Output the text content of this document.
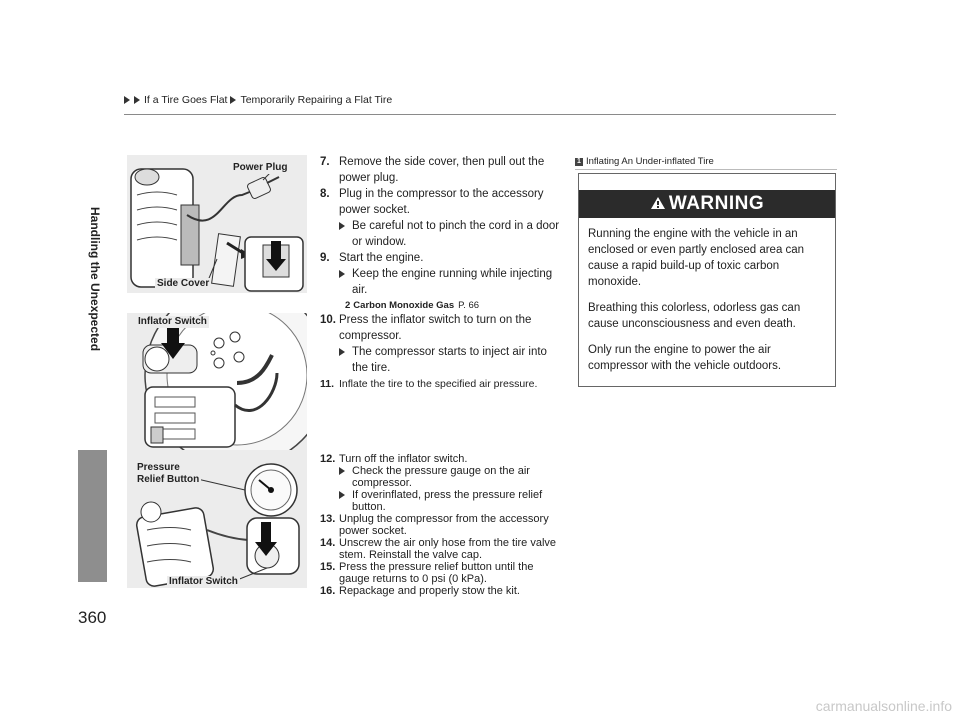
If a Tire Goes Flat Temporarily Repairing a Flat Tire
Handling the Unexpected
360
Power Plug
Side Cover
Inflator Switch
Pressure
Relief Button
Inflator Switch
7. Remove the side cover, then pull out the power plug.
8. Plug in the compressor to the accessory power socket.
Be careful not to pinch the cord in a door or window.
9. Start the engine.
Keep the engine running while injecting air.
2 Carbon Monoxide Gas P. 66
10. Press the inflator switch to turn on the compressor.
The compressor starts to inject air into the tire.
11. Inflate the tire to the specified air pressure.
12. Turn off the inflator switch.
Check the pressure gauge on the air compressor.
If overinflated, press the pressure relief button.
13. Unplug the compressor from the accessory power socket.
14. Unscrew the air only hose from the tire valve stem. Reinstall the valve cap.
15. Press the pressure relief button until the gauge returns to 0 psi (0 kPa).
16. Repackage and properly stow the kit.
1 Inflating An Under-inflated Tire
WARNING

Running the engine with the vehicle in an enclosed or even partly enclosed area can cause a rapid build-up of toxic carbon monoxide.

Breathing this colorless, odorless gas can cause unconsciousness and even death.

Only run the engine to power the air compressor with the vehicle outdoors.

carmanualsonline.info
